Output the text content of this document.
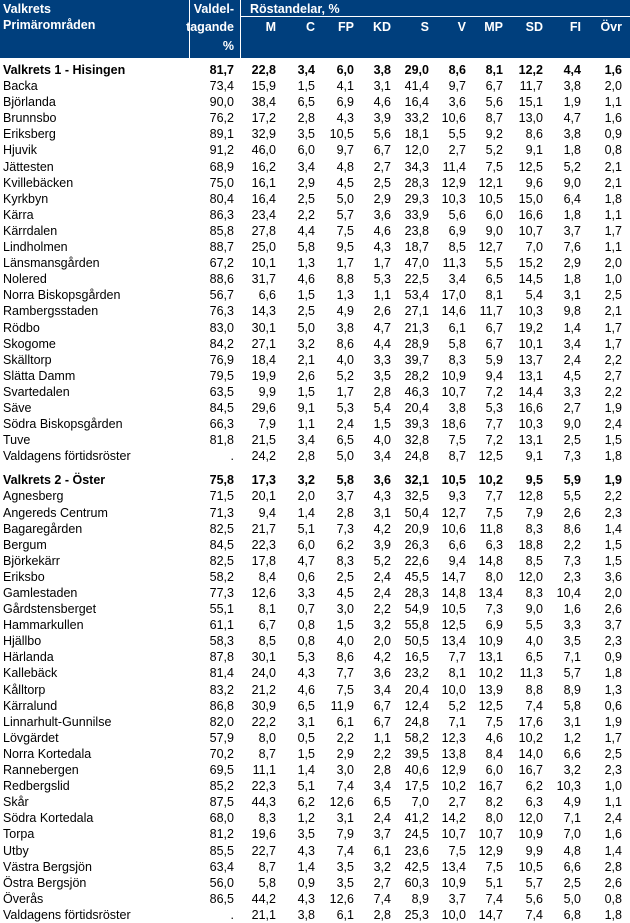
Valkrets
Primärområden
Valdel-
tagande
%
Röstandelar, %
M C FP KD S V MP SD FI Övr
Valkrets 1 - Hisingen	81,7 22,8 3,4 6,0 3,8 29,0 8,6 8,1 12,2 4,4 1,6
Backa	73,4 15,9 1,5 4,1 3,1 41,4 9,7 6,7 11,7 3,8 2,0
Björlanda	90,0 38,4 6,5 6,9 4,6 16,4 3,6 5,6 15,1 1,9 1,1
Brunnsbo	76,2 17,2 2,8 4,3 3,9 33,2 10,6 8,7 13,0 4,7 1,6
Eriksberg	89,1 32,9 3,5 10,5 5,6 18,1 5,5 9,2 8,6 3,8 0,9
Hjuvik	91,2 46,0 6,0 9,7 6,7 12,0 2,7 5,2 9,1 1,8 0,8
Jättesten	68,9 16,2 3,4 4,8 2,7 34,3 11,4 7,5 12,5 5,2 2,1
Kvillebäcken	75,0 16,1 2,9 4,5 2,5 28,3 12,9 12,1 9,6 9,0 2,1
Kyrkbyn	80,4 16,4 2,5 5,0 2,9 29,3 10,3 10,5 15,0 6,4 1,8
Kärra	86,3 23,4 2,2 5,7 3,6 33,9 5,6 6,0 16,6 1,8 1,1
Kärrdalen	85,8 27,8 4,4 7,5 4,6 23,8 6,9 9,0 10,7 3,7 1,7
Lindholmen	88,7 25,0 5,8 9,5 4,3 18,7 8,5 12,7 7,0 7,6 1,1
Länsmansgården	67,2 10,1 1,3 1,7 1,7 47,0 11,3 5,5 15,2 2,9 2,0
Nolered	88,6 31,7 4,6 8,8 5,3 22,5 3,4 6,5 14,5 1,8 1,0
Norra Biskopsgården	56,7 6,6 1,5 1,3 1,1 53,4 17,0 8,1 5,4 3,1 2,5
Rambergsstaden	76,3 14,3 2,5 4,9 2,6 27,1 14,6 11,7 10,3 9,8 2,1
Rödbo	83,0 30,1 5,0 3,8 4,7 21,3 6,1 6,7 19,2 1,4 1,7
Skogome	84,2 27,1 3,2 8,6 4,4 28,9 5,8 6,7 10,1 3,4 1,7
Skälltorp	76,9 18,4 2,1 4,0 3,3 39,7 8,3 5,9 13,7 2,4 2,2
Slätta Damm	79,5 19,9 2,6 5,2 3,5 28,2 10,9 9,4 13,1 4,5 2,7
Svartedalen	63,5 9,9 1,5 1,7 2,8 46,3 10,7 7,2 14,4 3,3 2,2
Säve	84,5 29,6 9,1 5,3 5,4 20,4 3,8 5,3 16,6 2,7 1,9
Södra Biskopsgården	66,3 7,9 1,1 2,4 1,5 39,3 18,6 7,7 10,3 9,0 2,4
Tuve	81,8 21,5 3,4 6,5 4,0 32,8 7,5 7,2 13,1 2,5 1,5
Valdagens förtidsröster	. 24,2 2,8 5,0 3,4 24,8 8,7 12,5 9,1 7,3 1,8
Valkrets 2 - Öster	75,8 17,3 3,2 5,8 3,6 32,1 10,5 10,2 9,5 5,9 1,9
Agnesberg	71,5 20,1 2,0 3,7 4,3 32,5 9,3 7,7 12,8 5,5 2,2
Angereds Centrum	71,3 9,4 1,4 2,8 3,1 50,4 12,7 7,5 7,9 2,6 2,3
Bagaregården	82,5 21,7 5,1 7,3 4,2 20,9 10,6 11,8 8,3 8,6 1,4
Bergum	84,5 22,3 6,0 6,2 3,9 26,3 6,6 6,3 18,8 2,2 1,5
Björkekärr	82,5 17,8 4,7 8,3 5,2 22,6 9,4 14,8 8,5 7,3 1,5
Eriksbo	58,2 8,4 0,6 2,5 2,4 45,5 14,7 8,0 12,0 2,3 3,6
Gamlestaden	77,3 12,6 3,3 4,5 2,4 28,3 14,8 13,4 8,3 10,4 2,0
Gårdstensberget	55,1 8,1 0,7 3,0 2,2 54,9 10,5 7,3 9,0 1,6 2,6
Hammarkullen	61,1 6,7 0,8 1,5 3,2 55,8 12,5 6,9 5,5 3,3 3,7
Hjällbo	58,3 8,5 0,8 4,0 2,0 50,5 13,4 10,9 4,0 3,5 2,3
Härlanda	87,8 30,1 5,3 8,6 4,2 16,5 7,7 13,1 6,5 7,1 0,9
Kallebäck	81,4 24,0 4,3 7,7 3,6 23,2 8,1 10,2 11,3 5,7 1,8
Kålltorp	83,2 21,2 4,6 7,5 3,4 20,4 10,0 13,9 8,8 8,9 1,3
Kärralund	86,8 30,9 6,5 11,9 6,7 12,4 5,2 12,5 7,4 5,8 0,6
Linnarhult-Gunnilse	82,0 22,2 3,1 6,1 6,7 24,8 7,1 7,5 17,6 3,1 1,9
Lövgärdet	57,9 8,0 0,5 2,2 1,1 58,2 12,3 4,6 10,2 1,2 1,7
Norra Kortedala	70,2 8,7 1,5 2,9 2,2 39,5 13,8 8,4 14,0 6,6 2,5
Rannebergen	69,5 11,1 1,4 3,0 2,8 40,6 12,9 6,0 16,7 3,2 2,3
Redbergslid	85,2 22,3 5,1 7,4 3,4 17,5 10,2 16,7 6,2 10,3 1,0
Skår	87,5 44,3 6,2 12,6 6,5 7,0 2,7 8,2 6,3 4,9 1,1
Södra Kortedala	68,0 8,3 1,2 3,1 2,4 41,2 14,2 8,0 12,0 7,1 2,4
Torpa	81,2 19,6 3,5 7,9 3,7 24,5 10,7 10,7 10,9 7,0 1,6
Utby	85,5 22,7 4,3 7,4 6,1 23,6 7,5 12,9 9,9 4,8 1,4
Västra Bergsjön	63,4 8,7 1,4 3,5 3,2 42,5 13,4 7,5 10,5 6,6 2,8
Östra Bergsjön	56,0 5,8 0,9 3,5 2,7 60,3 10,9 5,1 5,7 2,5 2,6
Överås	86,5 44,2 4,3 12,6 7,4 8,9 3,7 7,4 5,6 5,0 0,8
Valdagens förtidsröster	. 21,1 3,8 6,1 2,8 25,3 10,0 14,7 7,4 6,8 1,8
